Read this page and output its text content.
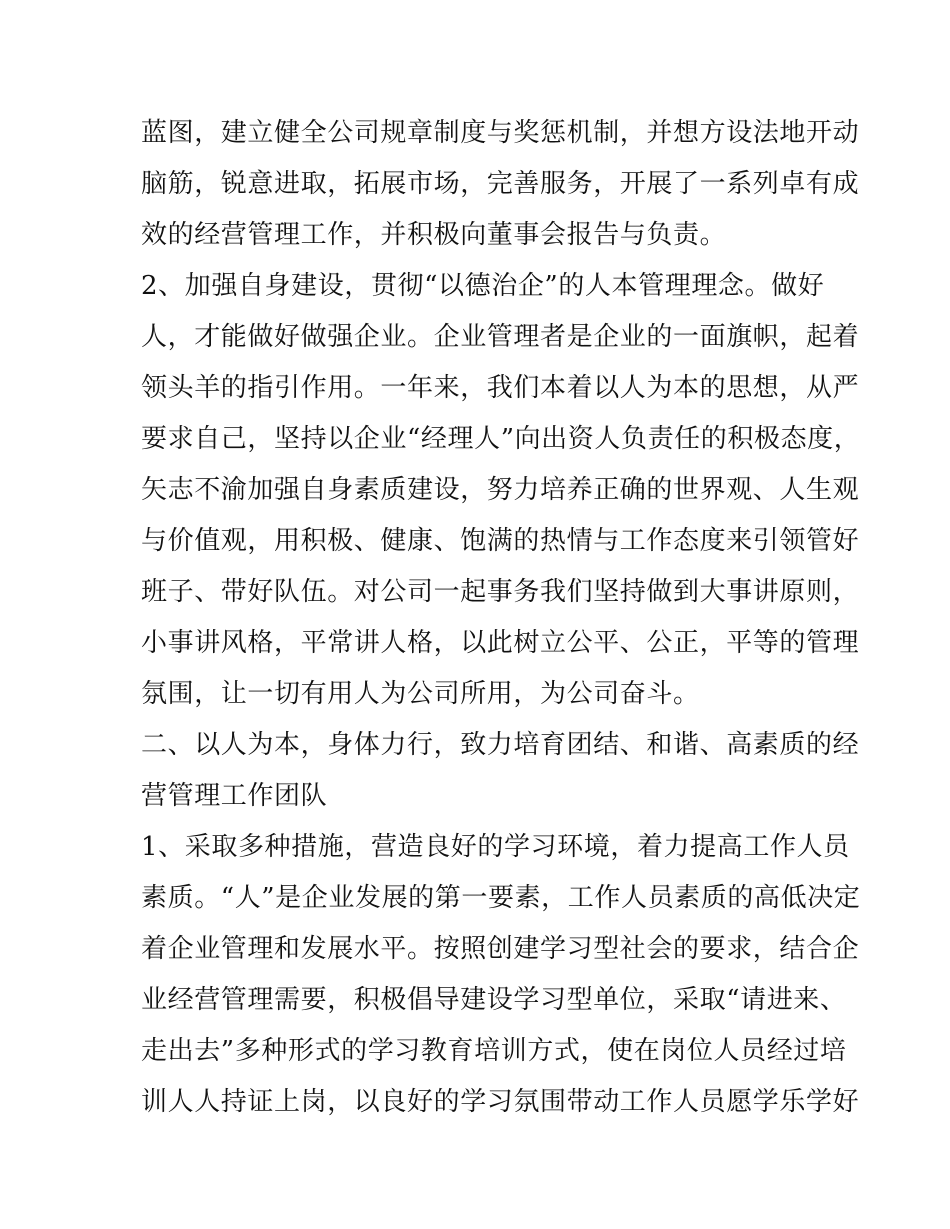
蓝图，建立健全公司规章制度与奖惩机制，并想方设法地开动
脑筋，锐意进取，拓展市场，完善服务，开展了一系列卓有成
效的经营管理工作，并积极向董事会报告与负责。
2、加强自身建设，贯彻“以德治企”的人本管理理念。做好
人，才能做好做强企业。企业管理者是企业的一面旗帜，起着
领头羊的指引作用。一年来，我们本着以人为本的思想，从严
要求自己，坚持以企业“经理人”向出资人负责任的积极态度，
矢志不渝加强自身素质建设，努力培养正确的世界观、人生观
与价值观，用积极、健康、饱满的热情与工作态度来引领管好
班子、带好队伍。对公司一起事务我们坚持做到大事讲原则，
小事讲风格，平常讲人格，以此树立公平、公正，平等的管理
氛围，让一切有用人为公司所用，为公司奋斗。
二、以人为本，身体力行，致力培育团结、和谐、高素质的经
营管理工作团队
1、采取多种措施，营造良好的学习环境，着力提高工作人员
素质。“人”是企业发展的第一要素，工作人员素质的高低决定
着企业管理和发展水平。按照创建学习型社会的要求，结合企
业经营管理需要，积极倡导建设学习型单位，采取“请进来、
走出去”多种形式的学习教育培训方式，使在岗位人员经过培
训人人持证上岗，以良好的学习氛围带动工作人员愿学乐学好
